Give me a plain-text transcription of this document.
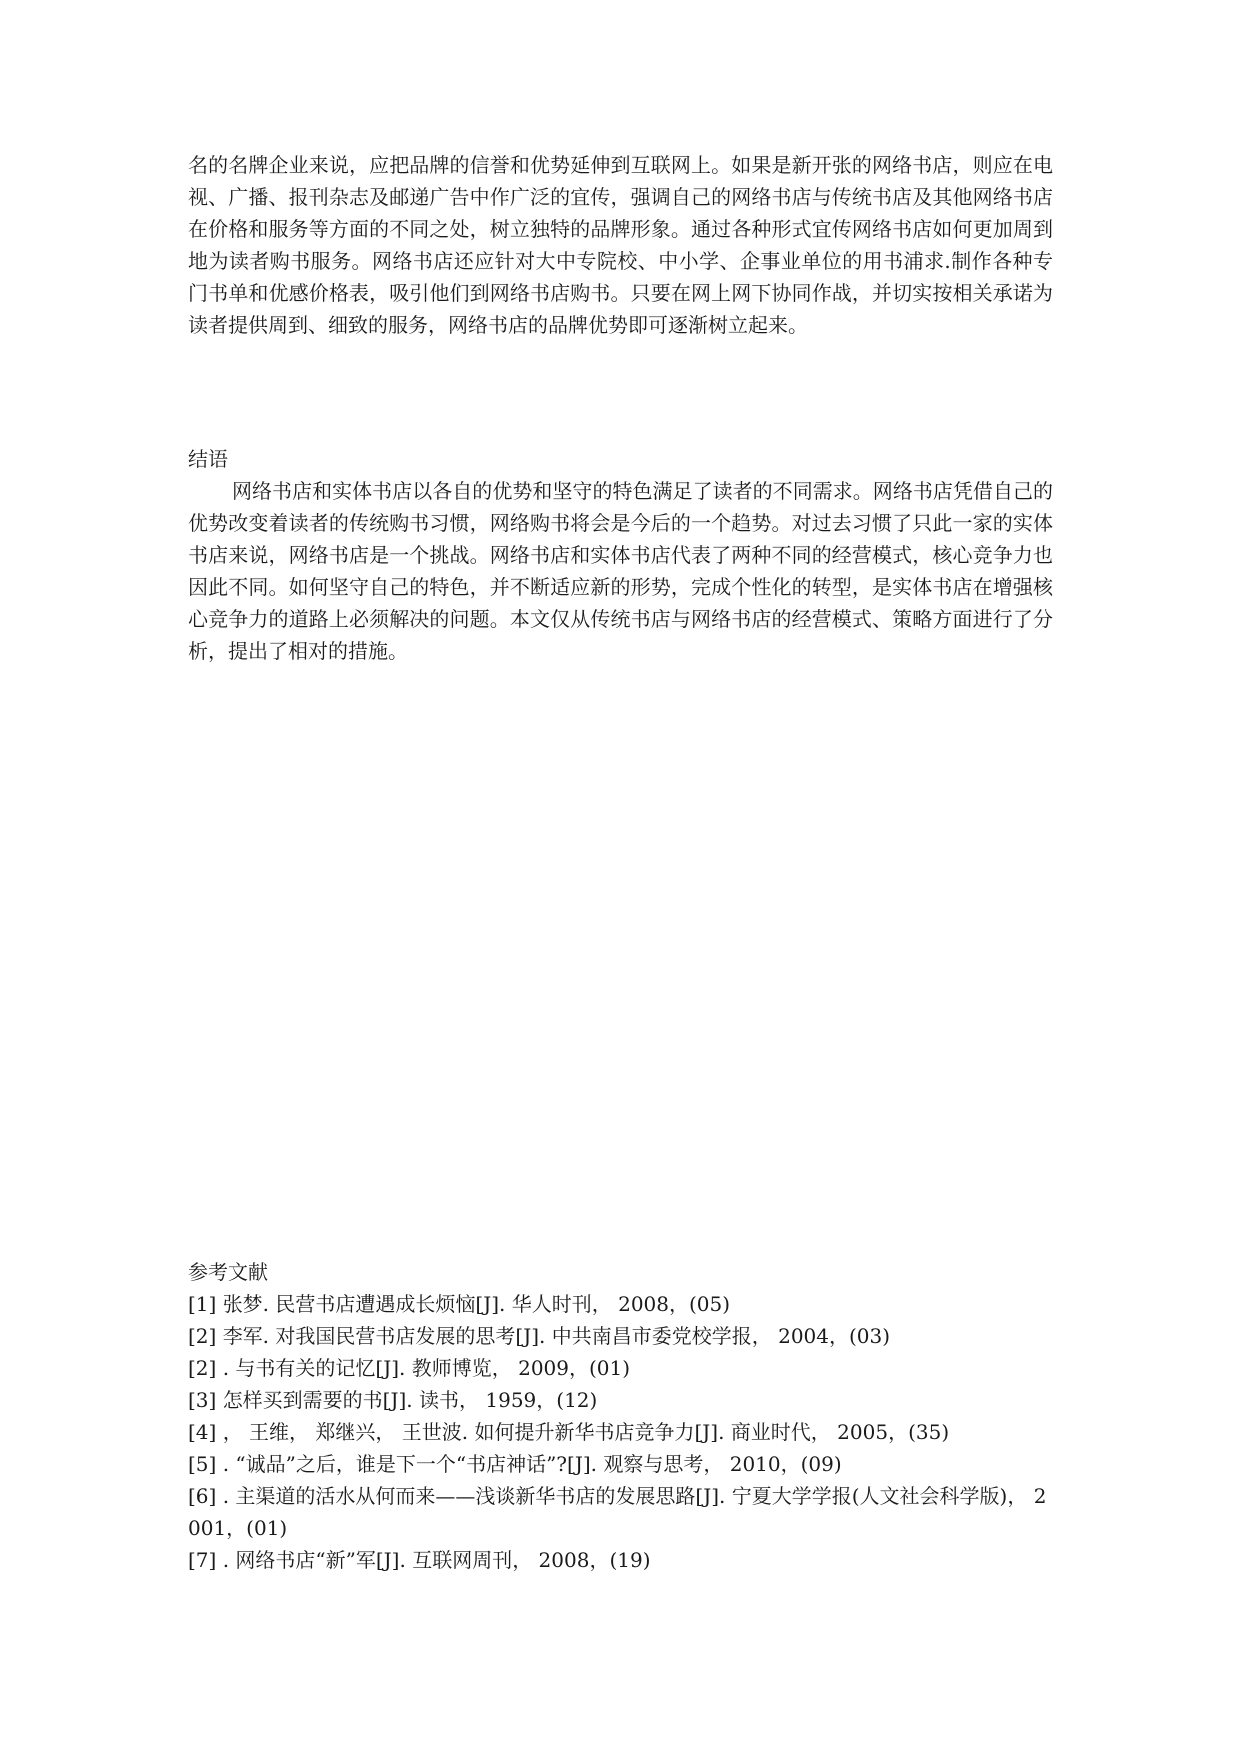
名的名牌企业来说，应把品牌的信誉和优势延伸到互联网上。如果是新开张的网络书店，则应在电视、广播、报刊杂志及邮递广告中作广泛的宜传，强调自己的网络书店与传统书店及其他网络书店在价格和服务等方面的不同之处，树立独特的品牌形象。通过各种形式宜传网络书店如何更加周到地为读者购书服务。网络书店还应针对大中专院校、中小学、企事业单位的用书浦求.制作各种专门书单和优感价格表，吸引他们到网络书店购书。只要在网上网下协同作战，并切实按相关承诺为读者提供周到、细致的服务，网络书店的品牌优势即可逐渐树立起来。

结语

网络书店和实体书店以各自的优势和坚守的特色满足了读者的不同需求。网络书店凭借自己的优势改变着读者的传统购书习惯，网络购书将会是今后的一个趋势。对过去习惯了只此一家的实体书店来说，网络书店是一个挑战。网络书店和实体书店代表了两种不同的经营模式，核心竞争力也因此不同。如何坚守自己的特色，并不断适应新的形势，完成个性化的转型，是实体书店在增强核心竞争力的道路上必须解决的问题。本文仅从传统书店与网络书店的经营模式、策略方面进行了分析，提出了相对的措施。

参考文献
[1] 张梦. 民营书店遭遇成长烦恼[J]. 华人时刊， 2008，(05)
[2] 李军. 对我国民营书店发展的思考[J]. 中共南昌市委党校学报， 2004，(03)
[2] . 与书有关的记忆[J]. 教师博览， 2009，(01)
[3] 怎样买到需要的书[J]. 读书， 1959，(12)
[4] ， 王维， 郑继兴， 王世波. 如何提升新华书店竞争力[J]. 商业时代， 2005，(35)
[5] . “诚品”之后，谁是下一个“书店神话”?[J]. 观察与思考， 2010，(09)
[6] . 主渠道的活水从何而来——浅谈新华书店的发展思路[J]. 宁夏大学学报(人文社会科学版)， 2001，(01)
[7] . 网络书店“新”军[J]. 互联网周刊， 2008，(19)
